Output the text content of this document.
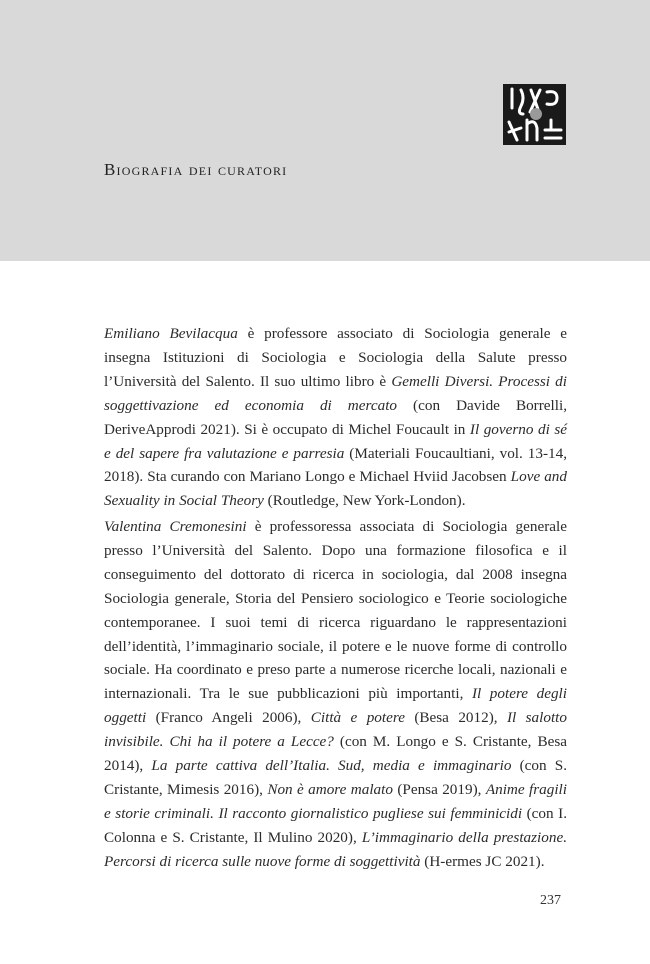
Biografia dei curatori

Emiliano Bevilacqua è professore associato di Sociologia generale e insegna Istituzioni di Sociologia e Sociologia della Salute presso l’Università del Salento. Il suo ultimo libro è Gemelli Diversi. Processi di soggettivazione ed economia di mercato (con Davide Borrelli, DeriveApprodi 2021). Si è occupato di Michel Foucault in Il governo di sé e del sapere fra valutazione e parresia (Materiali Foucaultiani, vol. 13-14, 2018). Sta curando con Mariano Longo e Michael Hviid Jacobsen Love and Sexuality in Social Theory (Routledge, New York-London).

Valentina Cremonesini è professoressa associata di Sociologia generale presso l’Università del Salento. Dopo una formazione filosofica e il conseguimento del dottorato di ricerca in sociologia, dal 2008 insegna Sociologia generale, Storia del Pensiero sociologico e Teorie sociologiche contemporanee. I suoi temi di ricerca riguardano le rappresentazioni dell’identità, l’immaginario sociale, il potere e le nuove forme di controllo sociale. Ha coordinato e preso parte a numerose ricerche locali, nazionali e internazionali. Tra le sue pubblicazioni più importanti, Il potere degli oggetti (Franco Angeli 2006), Città e potere (Besa 2012), Il salotto invisibile. Chi ha il potere a Lecce? (con M. Longo e S. Cristante, Besa 2014), La parte cattiva dell’Italia. Sud, media e immaginario (con S. Cristante, Mimesis 2016), Non è amore malato (Pensa 2019), Anime fragili e storie criminali. Il racconto giornalistico pugliese sui femminicidi (con I. Colonna e S. Cristante, Il Mulino 2020), L’immaginario della prestazione. Percorsi di ricerca sulle nuove forme di soggettività (H-ermes JC 2021).

237
